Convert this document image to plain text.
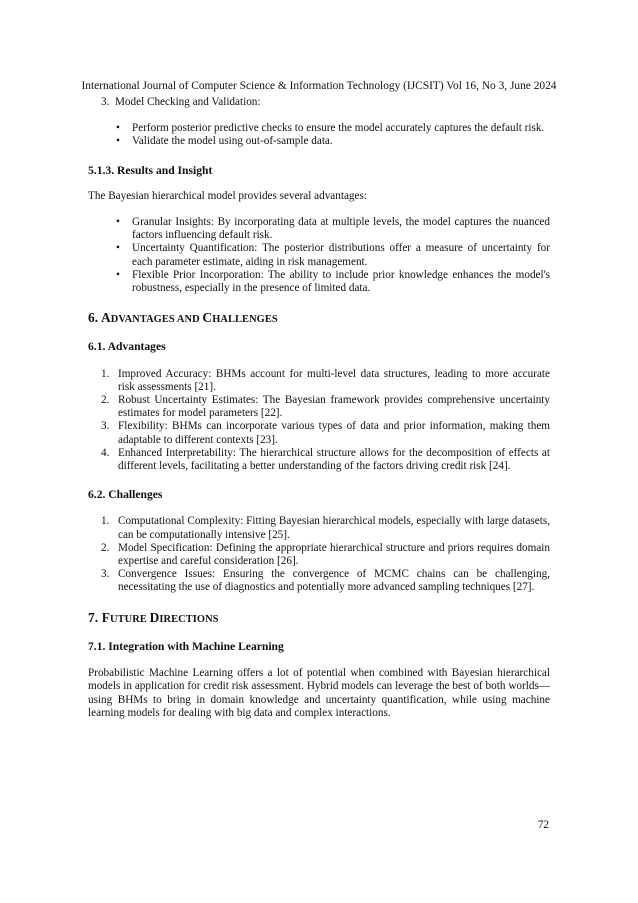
International Journal of Computer Science & Information Technology (IJCSIT) Vol 16, No 3, June 2024

3. Model Checking and Validation:

• Perform posterior predictive checks to ensure the model accurately captures the default risk.
• Validate the model using out-of-sample data.
5.1.3. Results and Insight

The Bayesian hierarchical model provides several advantages:

• Granular Insights: By incorporating data at multiple levels, the model captures the nuanced factors influencing default risk.
• Uncertainty Quantification: The posterior distributions offer a measure of uncertainty for each parameter estimate, aiding in risk management.
• Flexible Prior Incorporation: The ability to include prior knowledge enhances the model's robustness, especially in the presence of limited data.
6. ADVANTAGES AND CHALLENGES
6.1. Advantages
1. Improved Accuracy: BHMs account for multi-level data structures, leading to more accurate risk assessments [21].
2. Robust Uncertainty Estimates: The Bayesian framework provides comprehensive uncertainty estimates for model parameters [22].
3. Flexibility: BHMs can incorporate various types of data and prior information, making them adaptable to different contexts [23].
4. Enhanced Interpretability: The hierarchical structure allows for the decomposition of effects at different levels, facilitating a better understanding of the factors driving credit risk [24].
6.2. Challenges
1. Computational Complexity: Fitting Bayesian hierarchical models, especially with large datasets, can be computationally intensive [25].
2. Model Specification: Defining the appropriate hierarchical structure and priors requires domain expertise and careful consideration [26].
3. Convergence Issues: Ensuring the convergence of MCMC chains can be challenging, necessitating the use of diagnostics and potentially more advanced sampling techniques [27].
7. FUTURE DIRECTIONS
7.1. Integration with Machine Learning

Probabilistic Machine Learning offers a lot of potential when combined with Bayesian hierarchical models in application for credit risk assessment. Hybrid models can leverage the best of both worlds—using BHMs to bring in domain knowledge and uncertainty quantification, while using machine learning models for dealing with big data and complex interactions.

72
